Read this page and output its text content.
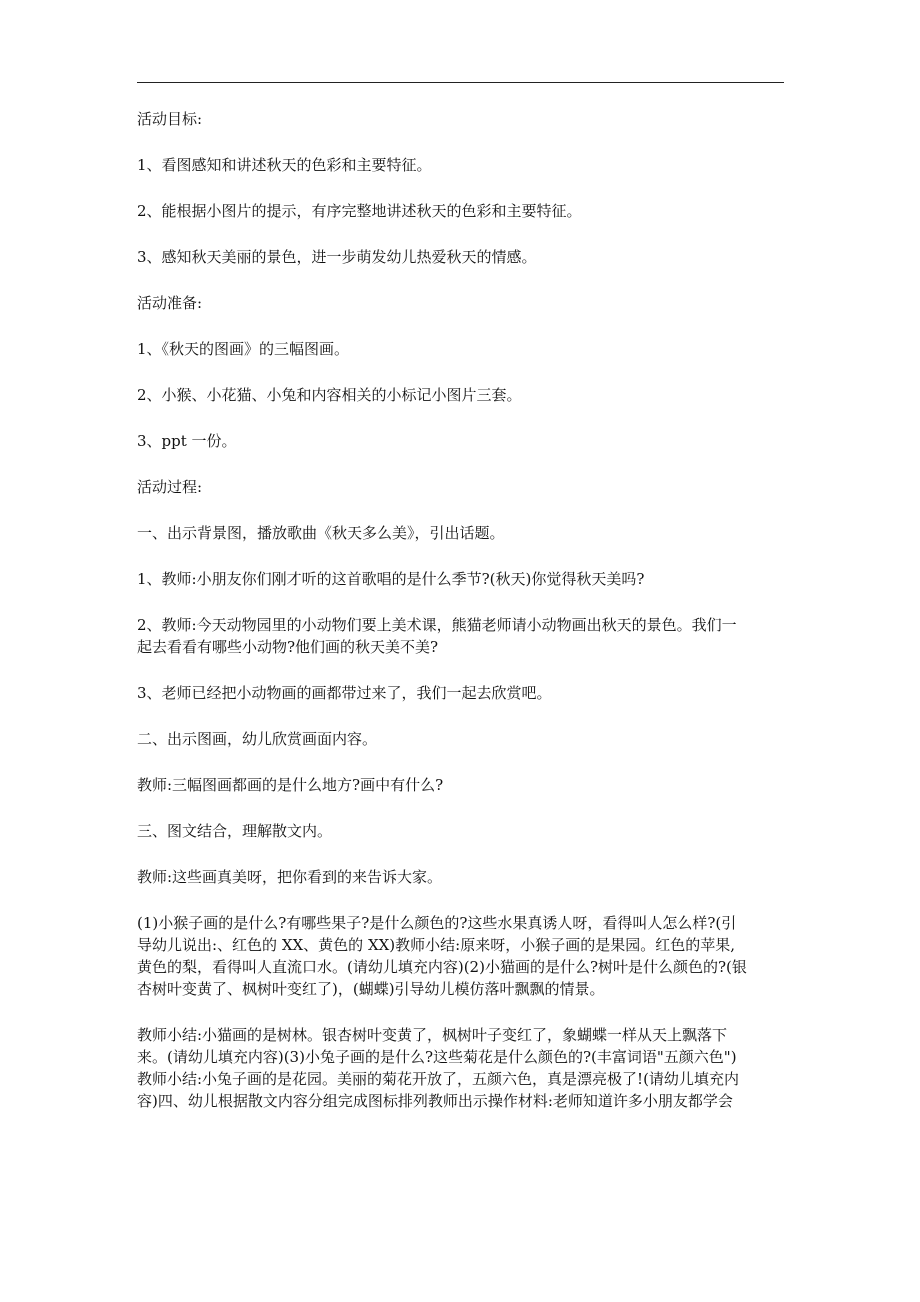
活动目标:

1、看图感知和讲述秋天的色彩和主要特征。

2、能根据小图片的提示，有序完整地讲述秋天的色彩和主要特征。

3、感知秋天美丽的景色，进一步萌发幼儿热爱秋天的情感。

活动准备:

1、《秋天的图画》的三幅图画。

2、小猴、小花猫、小兔和内容相关的小标记小图片三套。

3、ppt 一份。

活动过程:

一、出示背景图，播放歌曲《秋天多么美》，引出话题。

1、教师:小朋友你们刚才听的这首歌唱的是什么季节?(秋天)你觉得秋天美吗?

2、教师:今天动物园里的小动物们要上美术课，熊猫老师请小动物画出秋天的景色。我们一
起去看看有哪些小动物?他们画的秋天美不美?

3、老师已经把小动物画的画都带过来了，我们一起去欣赏吧。

二、出示图画，幼儿欣赏画面内容。

教师:三幅图画都画的是什么地方?画中有什么?

三、图文结合，理解散文内。

教师:这些画真美呀，把你看到的来告诉大家。

(1)小猴子画的是什么?有哪些果子?是什么颜色的?这些水果真诱人呀，看得叫人怎么样?(引
导幼儿说出:、红色的 XX、黄色的 XX)教师小结:原来呀，小猴子画的是果园。红色的苹果,
黄色的梨，看得叫人直流口水。(请幼儿填充内容)(2)小猫画的是什么?树叶是什么颜色的?(银
杏树叶变黄了、枫树叶变红了)，(蝴蝶)引导幼儿模仿落叶飘飘的情景。

教师小结:小猫画的是树林。银杏树叶变黄了，枫树叶子变红了，象蝴蝶一样从天上飘落下
来。(请幼儿填充内容)(3)小兔子画的是什么?这些菊花是什么颜色的?(丰富词语"五颜六色")
教师小结:小兔子画的是花园。美丽的菊花开放了，五颜六色，真是漂亮极了!(请幼儿填充内
容)四、幼儿根据散文内容分组完成图标排列教师出示操作材料:老师知道许多小朋友都学会
